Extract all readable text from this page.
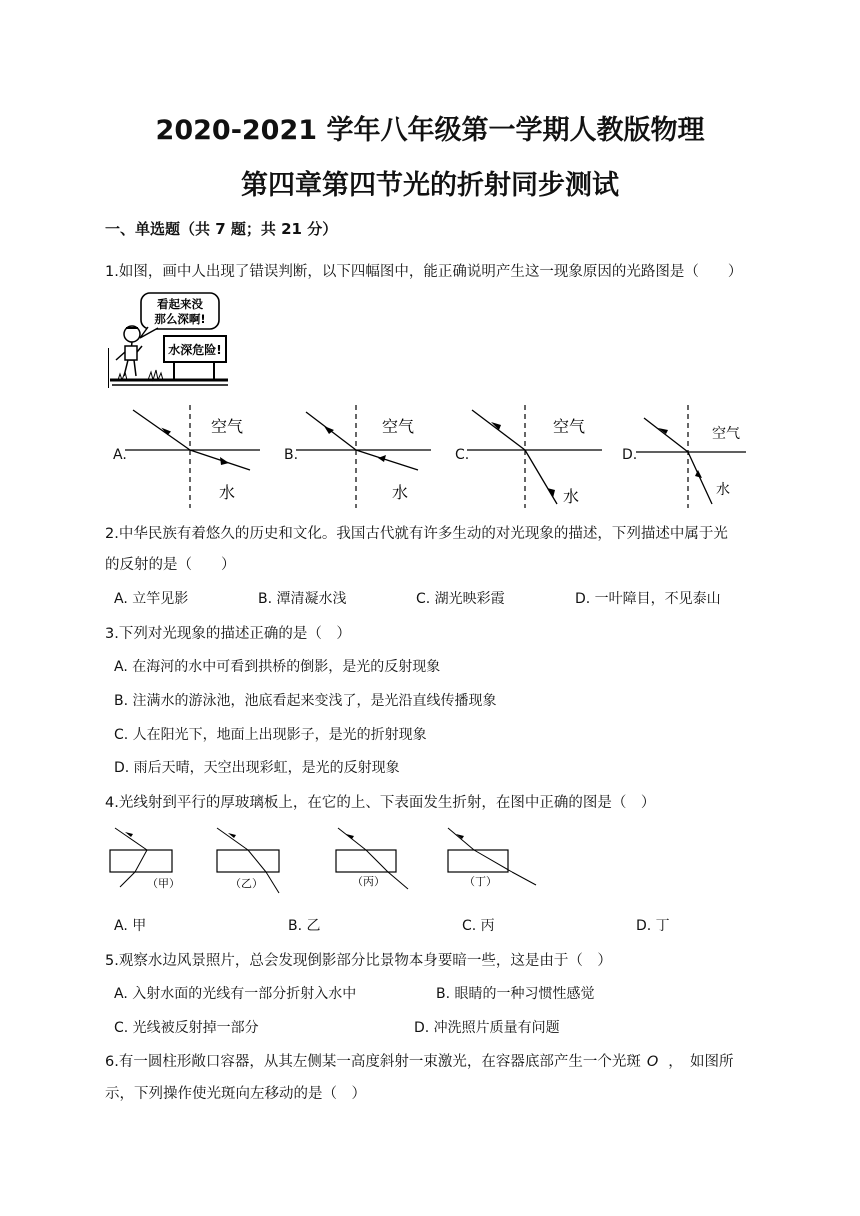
2020-2021 学年八年级第一学期人教版物理
第四章第四节光的折射同步测试
一、单选题（共 7 题；共 21 分）
1.如图，画中人出现了错误判断，以下四幅图中，能正确说明产生这一现象原因的光路图是（　　）
看起来没
那么深啊!
水深危险!
A.
空气
水
B.
空气
水
C.
空气
水
D.
空气
水
2.中华民族有着悠久的历史和文化。我国古代就有许多生动的对光现象的描述，下列描述中属于光
的反射的是（　　）
A. 立竿见影	B. 潭清凝水浅	C. 湖光映彩霞	D. 一叶障目，不见泰山
3.下列对光现象的描述正确的是（　）
A. 在海河的水中可看到拱桥的倒影，是光的反射现象
B. 注满水的游泳池，池底看起来变浅了，是光沿直线传播现象
C. 人在阳光下，地面上出现影子，是光的折射现象
D. 雨后天晴，天空出现彩虹，是光的反射现象
4.光线射到平行的厚玻璃板上，在它的上、下表面发生折射，在图中正确的图是（　）
（甲）	（乙）	（丙）	（丁）
A. 甲	B. 乙	C. 丙	D. 丁
5.观察水边风景照片，总会发现倒影部分比景物本身要暗一些，这是由于（　）
A. 入射水面的光线有一部分折射入水中	B. 眼睛的一种习惯性感觉
C. 光线被反射掉一部分	D. 冲洗照片质量有问题
6.有一圆柱形敞口容器，从其左侧某一高度斜射一束激光，在容器底部产生一个光斑 O ，　如图所
示，下列操作使光斑向左移动的是（　）
